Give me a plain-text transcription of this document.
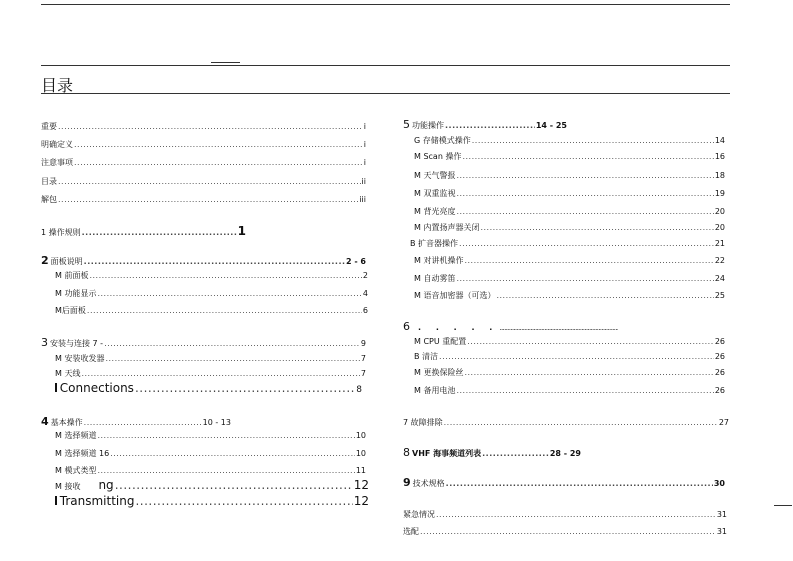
目录
重要 .....	i
明确定义 .....	i
注意事项 .....	i
目录 .....	ii
解包 .....	iii
1 操作规则 .....	1
2 面板说明 .....	2 - 6
M 前面板 .....	2
M 功能显示 .....	4
M后面板 .....	6
3 安装与连接 7 - .....	9
M 安装收发器 .....	7
M 天线 .....	7
Connections .....	8
4 基本操作 .....	10 - 13
M 选择频道 .....	10
M 选择频道 16 .....	10
M 模式类型 .....	11
M 接收 ng .....	12
Transmitting .....	12
5 功能操作 .....	14 - 25
G 存储模式操作 .....	14
M Scan 操作 .....	16
M 天气警报 .....	18
M 双重监视 .....	19
M 背光亮度 .....	20
M 内置扬声器关闭 .....	20
B 扩音器操作 .....	21
M 对讲机操作 .....	22
M 自动雾笛 .....	24
M 语音加密器（可选） .....	25
6 . . . . .
.....
M CPU 重配置 .....	26
B 清洁 .....	26
M 更换保险丝 .....	26
M 备用电池 .....	26
7 故障排除 .....	27
8 VHF 海事频道列表 .....	28 - 29
9 技术规格 .....	30
紧急情况 .....	31
选配 .....	31
